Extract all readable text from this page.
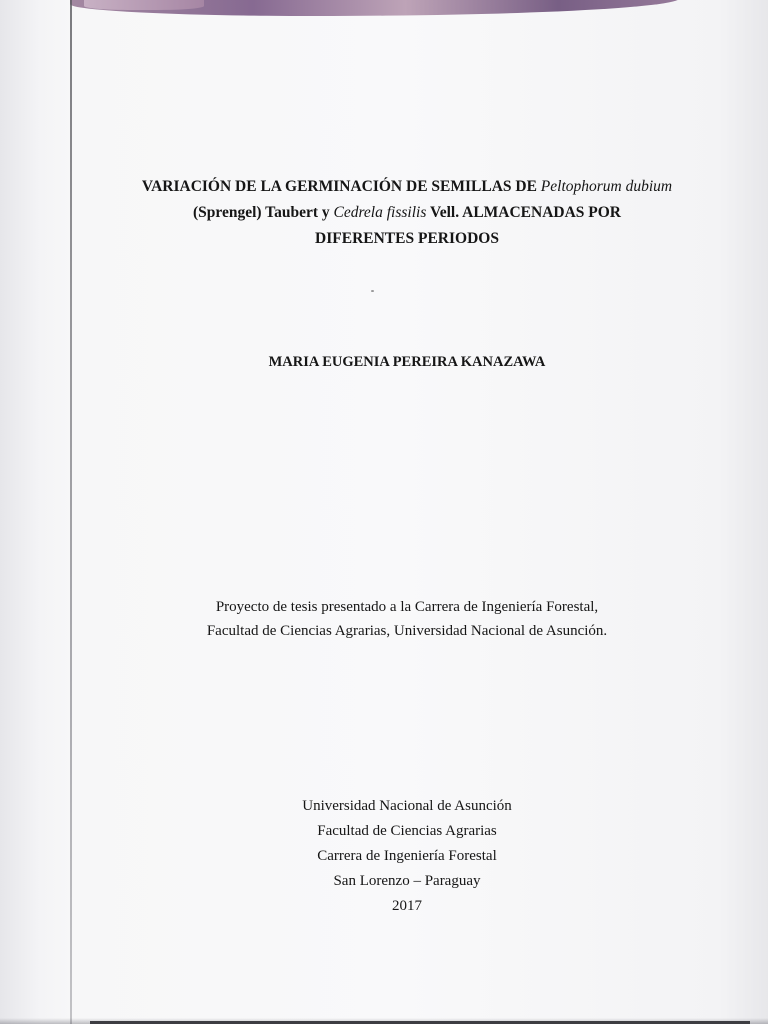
VARIACIÓN DE LA GERMINACIÓN DE SEMILLAS DE Peltophorum dubium
(Sprengel) Taubert y Cedrela fissilis Vell. ALMACENADAS POR
DIFERENTES PERIODOS
MARIA EUGENIA PEREIRA KANAZAWA
Proyecto de tesis presentado a la Carrera de Ingeniería Forestal,
Facultad de Ciencias Agrarias, Universidad Nacional de Asunción.
Universidad Nacional de Asunción
Facultad de Ciencias Agrarias
Carrera de Ingeniería Forestal
San Lorenzo – Paraguay
2017
